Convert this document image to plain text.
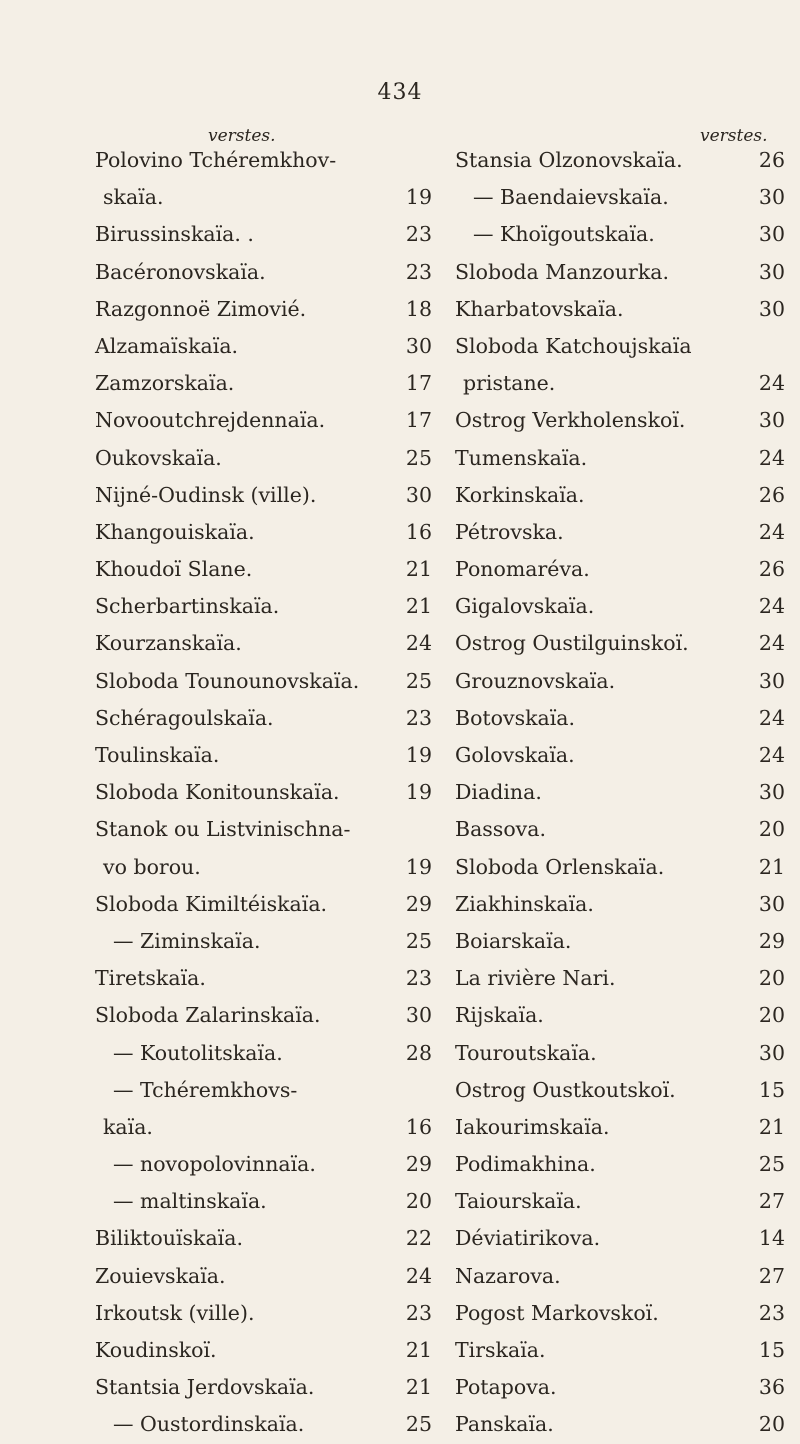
434
verstes.	verstes.
Polovino Tchéremkhov-
skaïa.	19
Birussinskaïa. .	23
Bacéronovskaïa.	23
Razgonnoë Zimovié.	18
Alzamaïskaïa.	30
Zamzorskaïa.	17
Novooutchrejdennaïa.	17
Oukovskaïa.	25
Nijné-Oudinsk (ville).	30
Khangouiskaïa.	16
Khoudoï Slane.	21
Scherbartinskaïa.	21
Kourzanskaïa.	24
Sloboda Tounounovskaïa.	25
Schéragoulskaïa.	23
Toulinskaïa.	19
Sloboda Konitounskaïa.	19
Stanok ou Listvinischna-
vo borou.	19
Sloboda Kimiltéiskaïa.	29
— Ziminskaïa.	25
Tiretskaïa.	23
Sloboda Zalarinskaïa.	30
— Koutolitskaïa.	28
— Tchéremkhovs-
kaïa.	16
— novopolovinnaïa.	29
— maltinskaïa.	20
Biliktouïskaïa.	22
Zouievskaïa.	24
Irkoutsk (ville).	23
Koudinskoï.	21
Stantsia Jerdovskaïa.	21
— Oustordinskaïa.	25
Stansia Olzonovskaïa.	26
— Baendaievskaïa.	30
— Khoïgoutskaïa.	30
Sloboda Manzourka.	30
Kharbatovskaïa.	30
Sloboda Katchoujskaïa
pristane.	24
Ostrog Verkholenskoï.	30
Tumenskaïa.	24
Korkinskaïa.	26
Pétrovska.	24
Ponomaréva.	26
Gigalovskaïa.	24
Ostrog Oustilguinskoï.	24
Grouznovskaïa.	30
Botovskaïa.	24
Golovskaïa.	24
Diadina.	30
Bassova.	20
Sloboda Orlenskaïa.	21
Ziakhinskaïa.	30
Boiarskaïa.	29
La rivière Nari.	20
Rijskaïa.	20
Touroutskaïa.	30
Ostrog Oustkoutskoï.	15
Iakourimskaïa.	21
Podimakhina.	25
Taiourskaïa.	27
Déviatirikova.	14
Nazarova.	27
Pogost Markovskoï.	23
Tirskaïa.	15
Potapova.	36
Panskaïa.	20
